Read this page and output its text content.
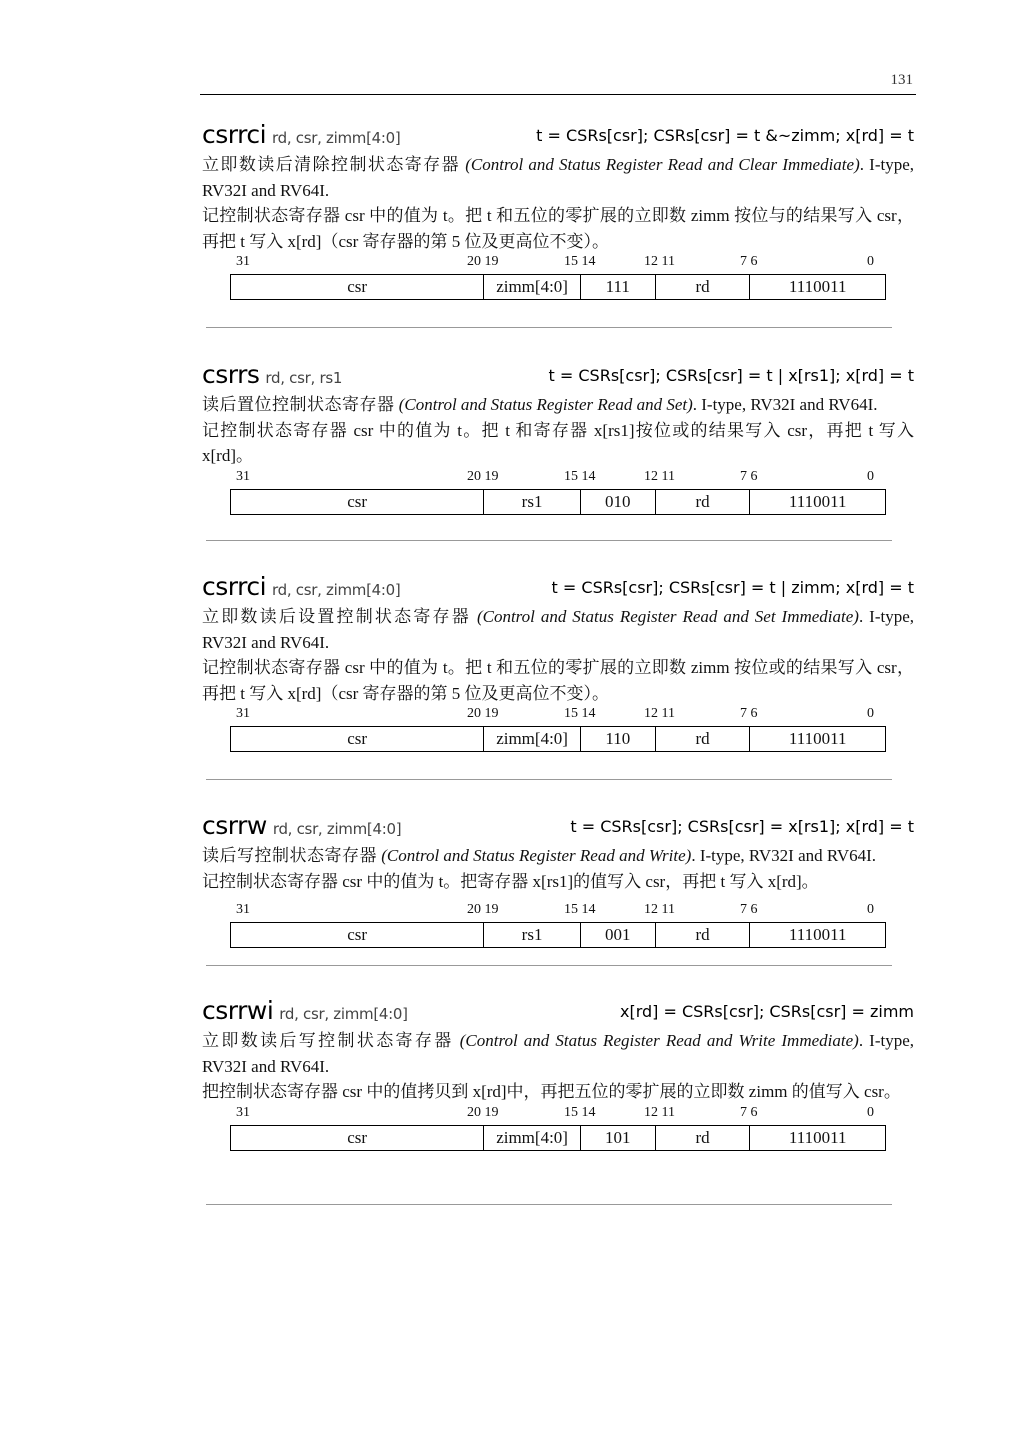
131
csrrci rd, csr, zimm[4:0]	t = CSRs[csr]; CSRs[csr] = t &~zimm; x[rd] = t
立即数读后清除控制状态寄存器 (Control and Status Register Read and Clear Immediate). I-type, RV32I and RV64I.
记控制状态寄存器 csr 中的值为 t。把 t 和五位的零扩展的立即数 zimm 按位与的结果写入 csr，再把 t 写入 x[rd]（csr 寄存器的第 5 位及更高位不变）。
31	20 19	15 14	12 11	7 6	0
csr	zimm[4:0]	111	rd	1110011
csrrs rd, csr, rs1	t = CSRs[csr]; CSRs[csr] = t | x[rs1]; x[rd] = t
读后置位控制状态寄存器 (Control and Status Register Read and Set). I-type, RV32I and RV64I.
记控制状态寄存器 csr 中的值为 t。把 t 和寄存器 x[rs1]按位或的结果写入 csr，再把 t 写入 x[rd]。
31	20 19	15 14	12 11	7 6	0
csr	rs1	010	rd	1110011
csrrci rd, csr, zimm[4:0]	t = CSRs[csr]; CSRs[csr] = t | zimm; x[rd] = t
立即数读后设置控制状态寄存器 (Control and Status Register Read and Set Immediate). I-type, RV32I and RV64I.
记控制状态寄存器 csr 中的值为 t。把 t 和五位的零扩展的立即数 zimm 按位或的结果写入 csr，再把 t 写入 x[rd]（csr 寄存器的第 5 位及更高位不变）。
31	20 19	15 14	12 11	7 6	0
csr	zimm[4:0]	110	rd	1110011
csrrw rd, csr, zimm[4:0]	t = CSRs[csr]; CSRs[csr] = x[rs1]; x[rd] = t
读后写控制状态寄存器 (Control and Status Register Read and Write). I-type, RV32I and RV64I.
记控制状态寄存器 csr 中的值为 t。把寄存器 x[rs1]的值写入 csr，再把 t 写入 x[rd]。
31	20 19	15 14	12 11	7 6	0
csr	rs1	001	rd	1110011
csrrwi rd, csr, zimm[4:0]	x[rd] = CSRs[csr]; CSRs[csr] = zimm
立即数读后写控制状态寄存器 (Control and Status Register Read and Write Immediate). I-type, RV32I and RV64I.
把控制状态寄存器 csr 中的值拷贝到 x[rd]中，再把五位的零扩展的立即数 zimm 的值写入 csr。
31	20 19	15 14	12 11	7 6	0
csr	zimm[4:0]	101	rd	1110011
